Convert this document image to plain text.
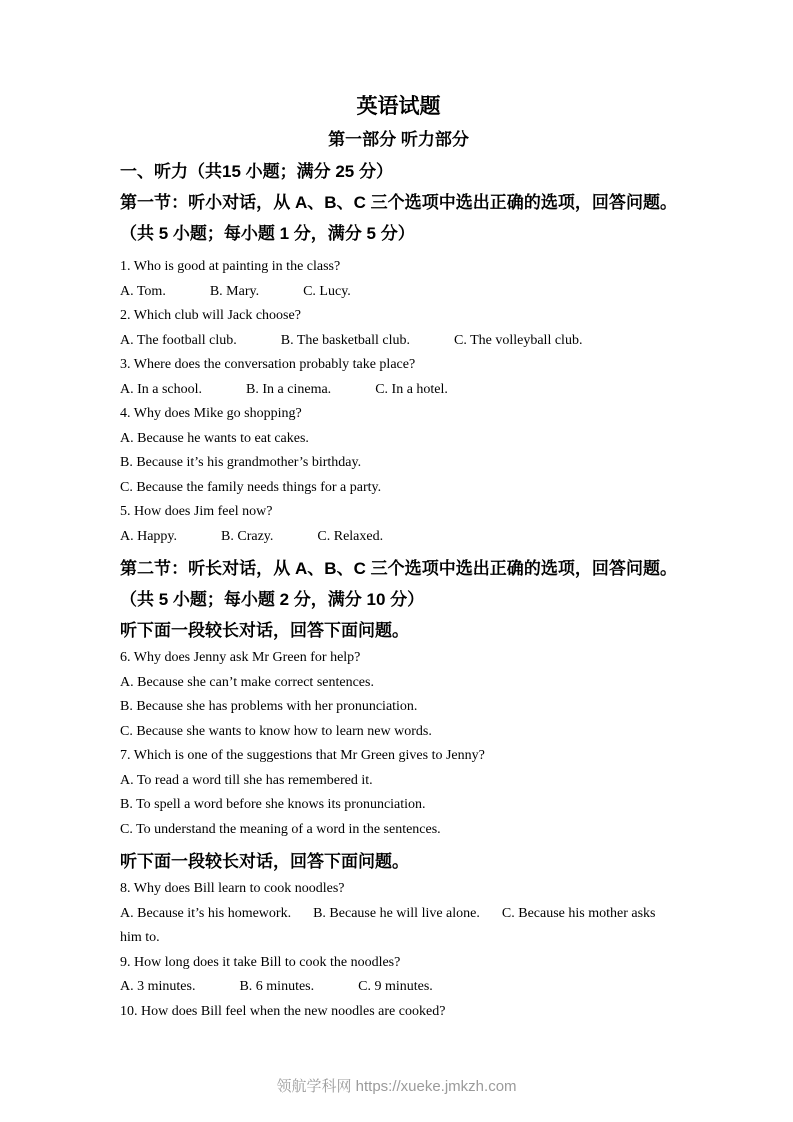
英语试题

第一部分 听力部分

一、听力（共15 小题；满分 25 分）

第一节：听小对话，从 A、B、C 三个选项中选出正确的选项，回答问题。（共 5 小题；每小题 1 分，满分 5 分）

1. Who is good at painting in the class?

A. Tom.	B. Mary.	C. Lucy.

2. Which club will Jack choose?

A. The football club.	B. The basketball club.	C. The volleyball club.

3. Where does the conversation probably take place?

A. In a school.	B. In a cinema.	C. In a hotel.

4. Why does Mike go shopping?

A. Because he wants to eat cakes.

B. Because it’s his grandmother’s birthday.

C. Because the family needs things for a party.

5. How does Jim feel now?

A. Happy.	B. Crazy.	C. Relaxed.

第二节：听长对话，从 A、B、C 三个选项中选出正确的选项，回答问题。（共 5 小题；每小题 2 分，满分 10 分）

听下面一段较长对话，回答下面问题。

6. Why does Jenny ask Mr Green for help?

A. Because she can’t make correct sentences.

B. Because she has problems with her pronunciation.

C. Because she wants to know how to learn new words.

7. Which is one of the suggestions that Mr Green gives to Jenny?

A. To read a word till she has remembered it.

B. To spell a word before she knows its pronunciation.

C. To understand the meaning of a word in the sentences.

听下面一段较长对话，回答下面问题。

8. Why does Bill learn to cook noodles?

A. Because it’s his homework. B. Because he will live alone. C. Because his mother asks him to.

9. How long does it take Bill to cook the noodles?

A. 3 minutes.	B. 6 minutes.	C. 9 minutes.

10. How does Bill feel when the new noodles are cooked?

领航学科网 https://xueke.jmkzh.com
